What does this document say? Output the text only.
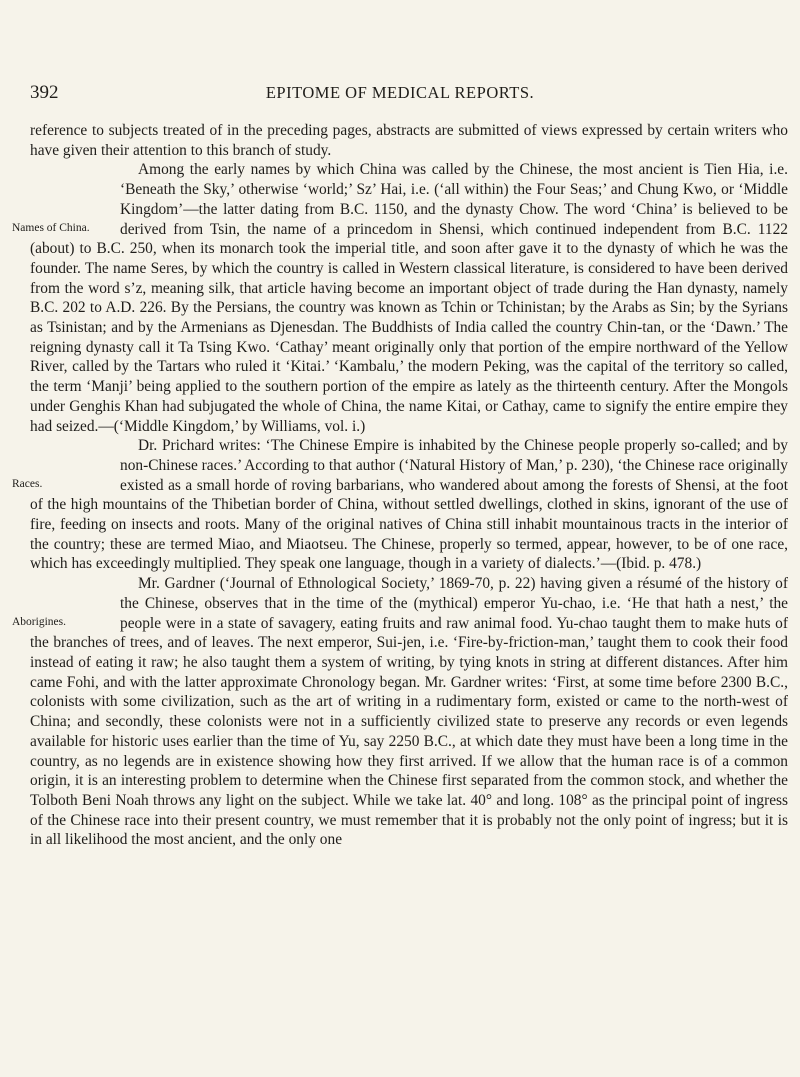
392	EPITOME OF MEDICAL REPORTS.

reference to subjects treated of in the preceding pages, abstracts are submitted of views expressed by certain writers who have given their attention to this branch of study.

Names of China.
Among the early names by which China was called by the Chinese, the most ancient is Tien Hia, i.e. ‘Beneath the Sky,’ otherwise ‘world;’ Sz’ Hai, i.e. (‘all within) the Four Seas;’ and Chung Kwo, or ‘Middle Kingdom’—the latter dating from B.C. 1150, and the dynasty Chow. The word ‘China’ is believed to be derived from Tsin, the name of a princedom in Shensi, which continued independent from B.C. 1122 (about) to B.C. 250, when its monarch took the imperial title, and soon after gave it to the dynasty of which he was the founder. The name Seres, by which the country is called in Western classical literature, is considered to have been derived from the word s’z, meaning silk, that article having become an important object of trade during the Han dynasty, namely B.C. 202 to A.D. 226. By the Persians, the country was known as Tchin or Tchinistan; by the Arabs as Sin; by the Syrians as Tsinistan; and by the Armenians as Djenesdan. The Buddhists of India called the country Chin-tan, or the ‘Dawn.’ The reigning dynasty call it Ta Tsing Kwo. ‘Cathay’ meant originally only that portion of the empire northward of the Yellow River, called by the Tartars who ruled it ‘Kitai.’ ‘Kambalu,’ the modern Peking, was the capital of the territory so called, the term ‘Manji’ being applied to the southern portion of the empire as lately as the thirteenth century. After the Mongols under Genghis Khan had subjugated the whole of China, the name Kitai, or Cathay, came to signify the entire empire they had seized.—(‘Middle Kingdom,’ by Williams, vol. i.)

Races.
Dr. Prichard writes: ‘The Chinese Empire is inhabited by the Chinese people properly so-called; and by non-Chinese races.’ According to that author (‘Natural History of Man,’ p. 230), ‘the Chinese race originally existed as a small horde of roving barbarians, who wandered about among the forests of Shensi, at the foot of the high mountains of the Thibetian border of China, without settled dwellings, clothed in skins, ignorant of the use of fire, feeding on insects and roots. Many of the original natives of China still inhabit mountainous tracts in the interior of the country; these are termed Miao, and Miaotseu. The Chinese, properly so termed, appear, however, to be of one race, which has exceedingly multiplied. They speak one language, though in a variety of dialects.’—(Ibid. p. 478.)

Aborigines.
Mr. Gardner (‘Journal of Ethnological Society,’ 1869-70, p. 22) having given a résumé of the history of the Chinese, observes that in the time of the (mythical) emperor Yu-chao, i.e. ‘He that hath a nest,’ the people were in a state of savagery, eating fruits and raw animal food. Yu-chao taught them to make huts of the branches of trees, and of leaves. The next emperor, Sui-jen, i.e. ‘Fire-by-friction-man,’ taught them to cook their food instead of eating it raw; he also taught them a system of writing, by tying knots in string at different distances. After him came Fohi, and with the latter approximate Chronology began. Mr. Gardner writes: ‘First, at some time before 2300 B.C., colonists with some civilization, such as the art of writing in a rudimentary form, existed or came to the north-west of China; and secondly, these colonists were not in a sufficiently civilized state to preserve any records or even legends available for historic uses earlier than the time of Yu, say 2250 B.C., at which date they must have been a long time in the country, as no legends are in existence showing how they first arrived. If we allow that the human race is of a common origin, it is an interesting problem to determine when the Chinese first separated from the common stock, and whether the Tolboth Beni Noah throws any light on the subject. While we take lat. 40° and long. 108° as the principal point of ingress of the Chinese race into their present country, we must remember that it is probably not the only point of ingress; but it is in all likelihood the most ancient, and the only one
